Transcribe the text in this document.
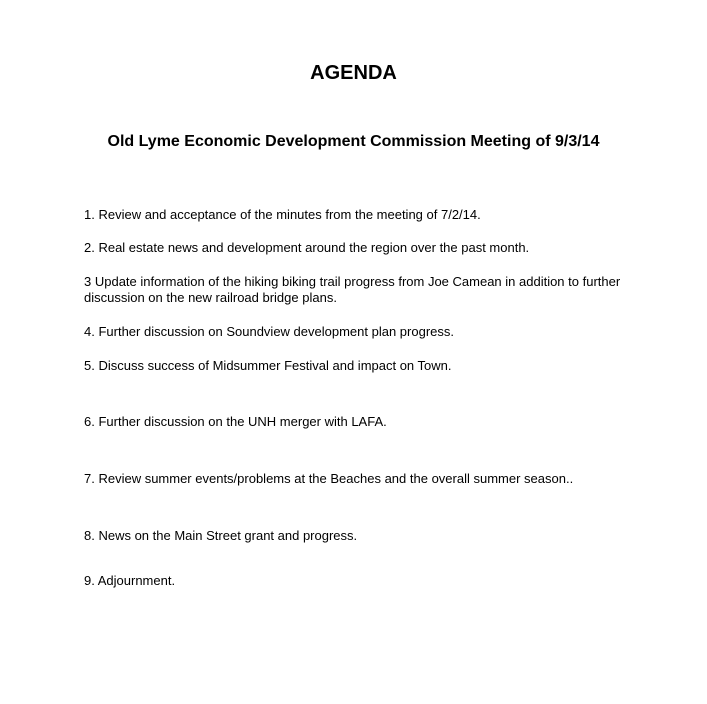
AGENDA
Old Lyme Economic Development Commission Meeting of 9/3/14

1. Review and acceptance of the minutes from the meeting of 7/2/14.

2. Real estate news and development around the region over the past month.

3 Update information of the hiking biking trail progress from Joe Camean in addition to further discussion on the new railroad bridge plans.

4. Further discussion on Soundview development plan progress.

5. Discuss success of Midsummer Festival and impact on Town.

6. Further discussion on the UNH merger with LAFA.

7. Review summer events/problems at the Beaches and the overall summer season..

8. News on the Main Street grant and progress.

9. Adjournment.
